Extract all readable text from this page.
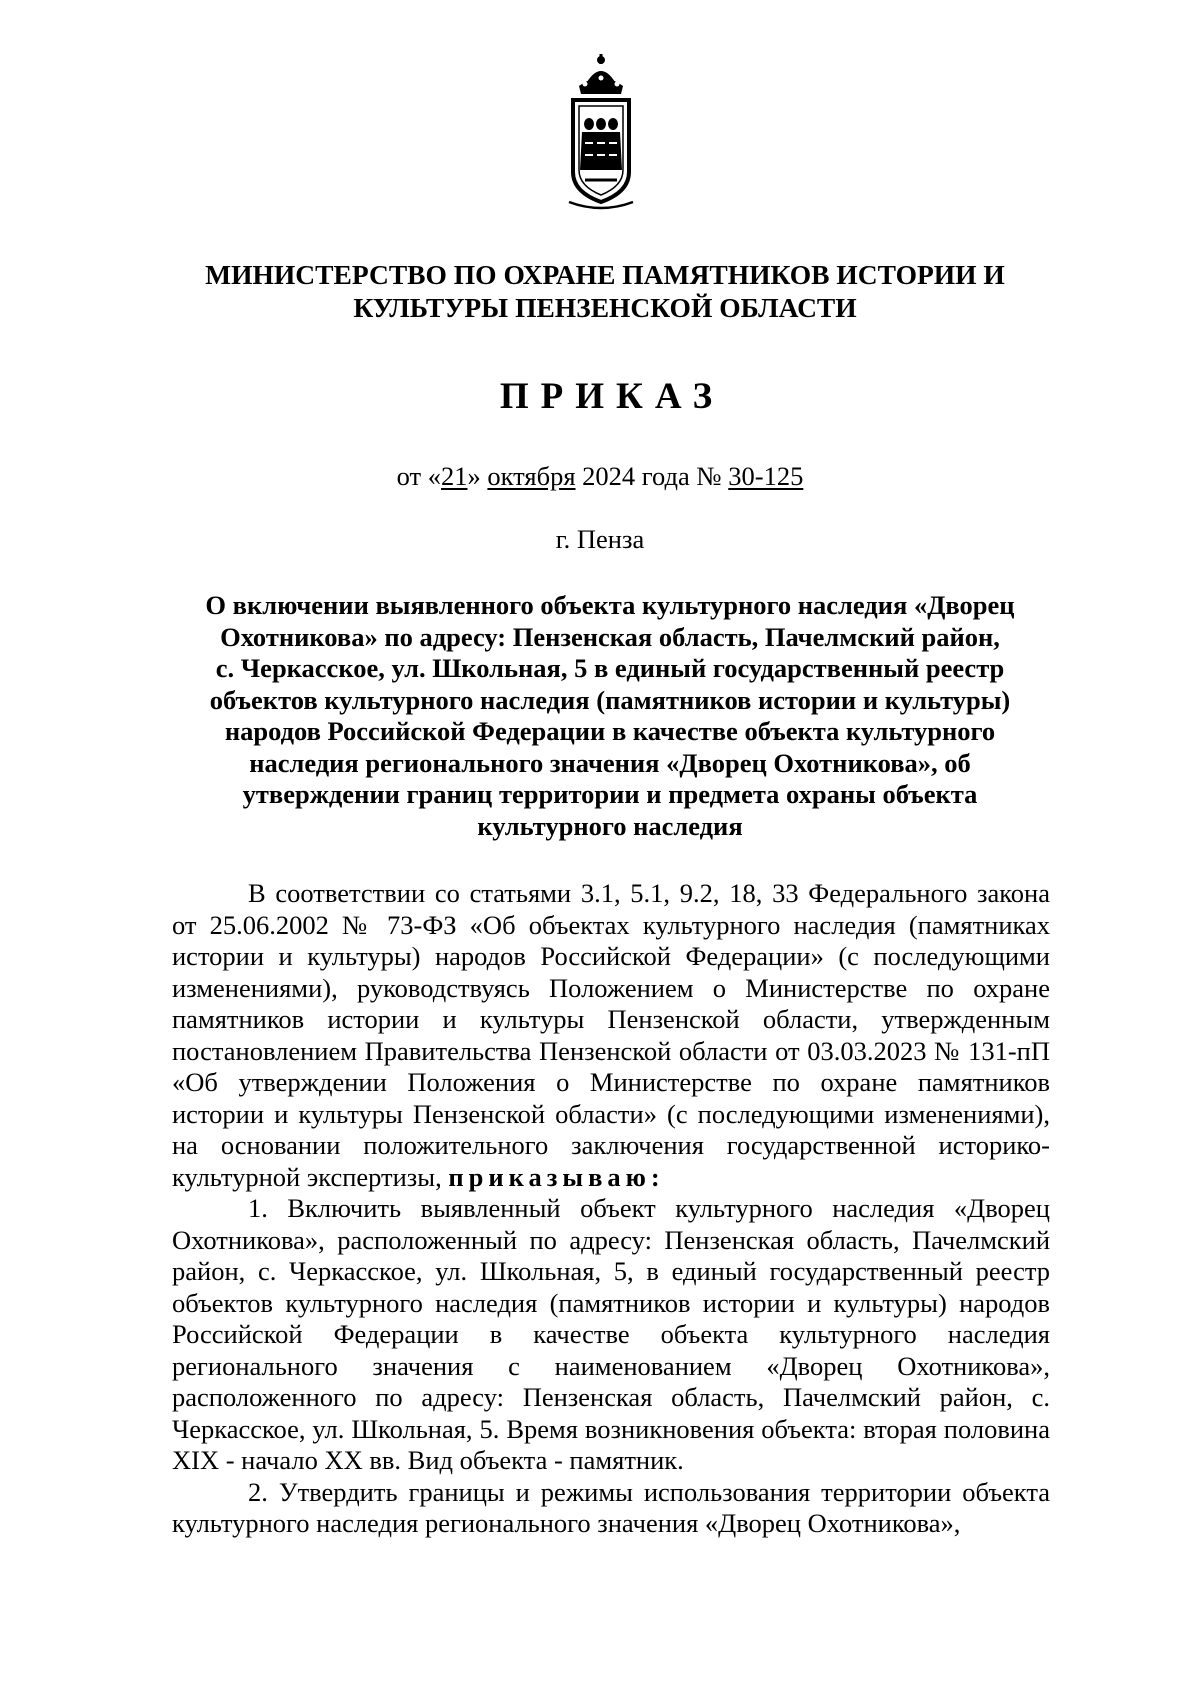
МИНИСТЕРСТВО ПО ОХРАНЕ ПАМЯТНИКОВ ИСТОРИИ И
КУЛЬТУРЫ ПЕНЗЕНСКОЙ ОБЛАСТИ
ПРИКАЗ
от «21» октября 2024 года № 30-125
г. Пенза
О включении выявленного объекта культурного наследия «Дворец
Охотникова» по адресу: Пензенская область, Пачелмский район,
с. Черкасское, ул. Школьная, 5 в единый государственный реестр
объектов культурного наследия (памятников истории и культуры)
народов Российской Федерации в качестве объекта культурного
наследия регионального значения «Дворец Охотникова», об
утверждении границ территории и предмета охраны объекта
культурного наследия

В соответствии со статьями 3.1, 5.1, 9.2, 18, 33 Федерального закона от 25.06.2002 № 73-ФЗ «Об объектах культурного наследия (памятниках истории и культуры) народов Российской Федерации» (с последующими изменениями), руководствуясь Положением о Министерстве по охране памятников истории и культуры Пензенской области, утвержденным постановлением Правительства Пензенской области от 03.03.2023 № 131-пП «Об утверждении Положения о Министерстве по охране памятников истории и культуры Пензенской области» (с последующими изменениями), на основании положительного заключения государственной историко-культурной экспертизы, приказываю:

1. Включить выявленный объект культурного наследия «Дворец Охотникова», расположенный по адресу: Пензенская область, Пачелмский район, с. Черкасское, ул. Школьная, 5, в единый государственный реестр объектов культурного наследия (памятников истории и культуры) народов Российской Федерации в качестве объекта культурного наследия регионального значения с наименованием «Дворец Охотникова», расположенного по адресу: Пензенская область, Пачелмский район, с. Черкасское, ул. Школьная, 5. Время возникновения объекта: вторая половина XIX - начало XX вв. Вид объекта - памятник.

2. Утвердить границы и режимы использования территории объекта культурного наследия регионального значения «Дворец Охотникова»,
